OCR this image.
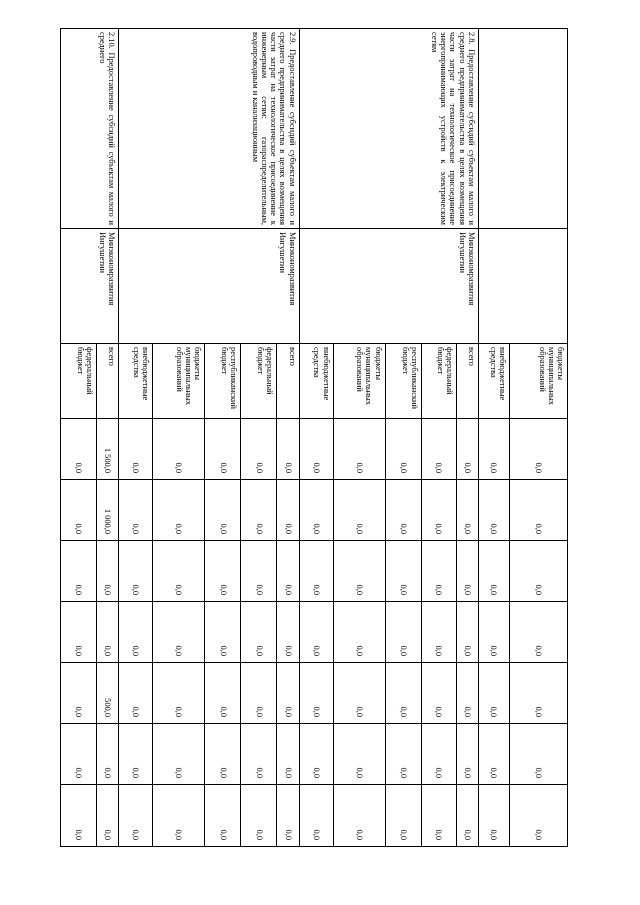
		бюджеты муниципальных образований	0,0	0,0	0,0	0,0	0,0	0,0	0,0
		внебюджетные средства	0,0	0,0	0,0	0,0	0,0	0,0	0,0
2.8. Предоставление субсидий субъектам малого и среднего предпринимательства в целях возмещения части затрат на технологическое присоединение энергопринимающих устройств к электрическим сетям	Минэкономразвития Ингушетии	всего	0,0	0,0	0,0	0,0	0,0	0,0	0,0
		федеральный бюджет	0,0	0,0	0,0	0,0	0,0	0,0	0,0
		республиканский бюджет	0,0	0,0	0,0	0,0	0,0	0,0	0,0
		бюджеты муниципальных образований	0,0	0,0	0,0	0,0	0,0	0,0	0,0
		внебюджетные средства	0,0	0,0	0,0	0,0	0,0	0,0	0,0
2.9. Предоставление субсидий субъектам малого и среднего предпринимательства в целях возмещения части затрат на технологическое присоединение к инженерным сетям: газораспределительным, водопроводным и канализационным	Минэкономразвития Ингушетии	всего	0,0	0,0	0,0	0,0	0,0	0,0	0,0
		федеральный бюджет	0,0	0,0	0,0	0,0	0,0	0,0	0,0
		республиканский бюджет	0,0	0,0	0,0	0,0	0,0	0,0	0,0
		бюджеты муниципальных образований	0,0	0,0	0,0	0,0	0,0	0,0	0,0
		внебюджетные средства	0,0	0,0	0,0	0,0	0,0	0,0	0,0
2.10. Предоставление субсидий субъектам малого и среднего	Минэкономразвития Ингушетии	всего	1 500,0	1 000,0	0,0	0,0	500,0	0,0	0,0
		федеральный бюджет	0,0	0,0	0,0	0,0	0,0	0,0	0,0
